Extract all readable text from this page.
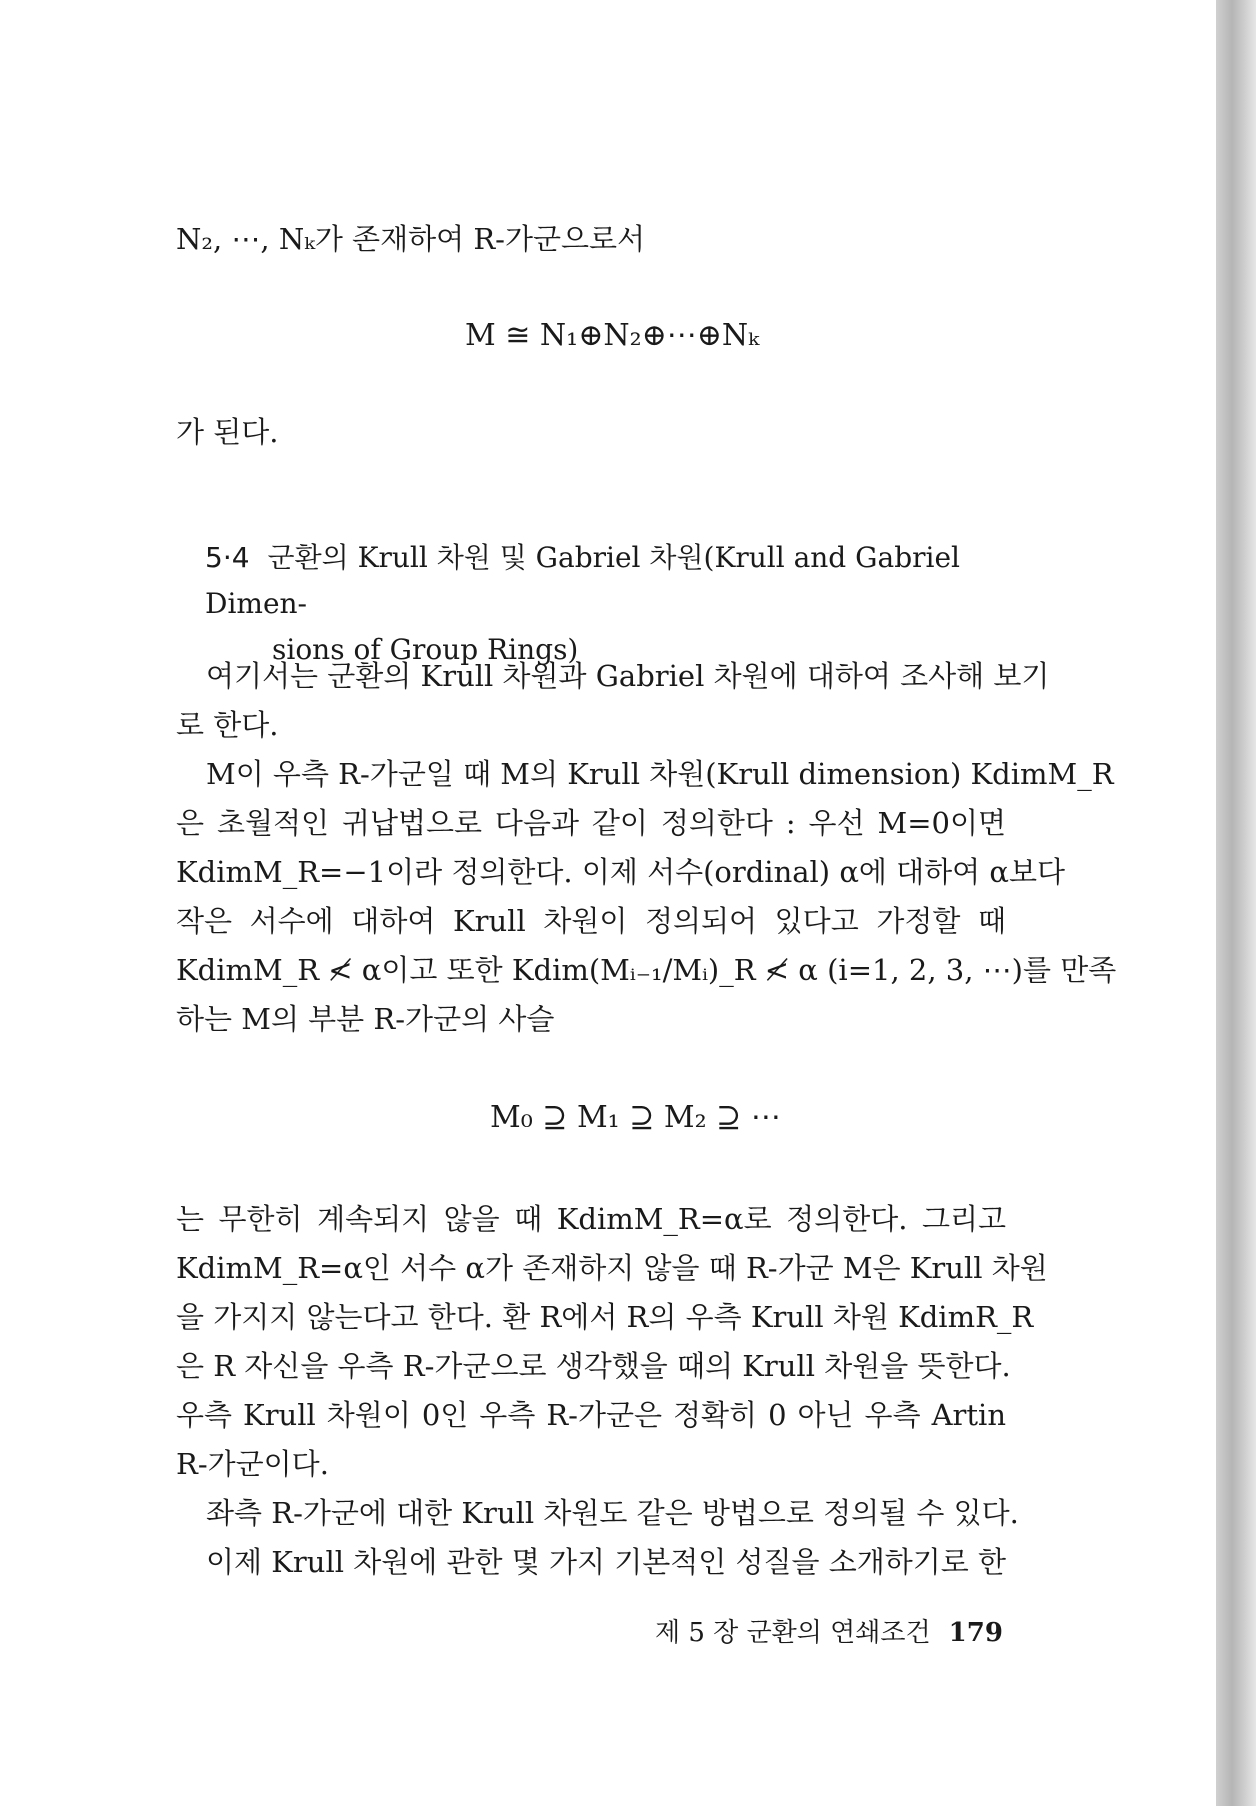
N₂, ⋯, Nₖ가 존재하여 R-가군으로서
M ≅ N₁⊕N₂⊕⋯⊕Nₖ
가 된다.
5·4 군환의 Krull 차원 및 Gabriel 차원(Krull and Gabriel Dimen-
sions of Group Rings)
여기서는 군환의 Krull 차원과 Gabriel 차원에 대하여 조사해 보기
로 한다.
M이 우측 R-가군일 때 M의 Krull 차원(Krull dimension) KdimM_R
은 초월적인 귀납법으로 다음과 같이 정의한다 : 우선 M=0이면
KdimM_R=−1이라 정의한다. 이제 서수(ordinal) α에 대하여 α보다
작은 서수에 대하여 Krull 차원이 정의되어 있다고 가정할 때
KdimM_R ≮ α이고 또한 Kdim(Mᵢ₋₁/Mᵢ)_R ≮ α (i=1, 2, 3, ⋯)를 만족
하는 M의 부분 R-가군의 사슬
M₀ ⊇ M₁ ⊇ M₂ ⊇ ⋯
는 무한히 계속되지 않을 때 KdimM_R=α로 정의한다. 그리고
KdimM_R=α인 서수 α가 존재하지 않을 때 R-가군 M은 Krull 차원
을 가지지 않는다고 한다. 환 R에서 R의 우측 Krull 차원 KdimR_R
은 R 자신을 우측 R-가군으로 생각했을 때의 Krull 차원을 뜻한다.
우측 Krull 차원이 0인 우측 R-가군은 정확히 0 아닌 우측 Artin
R-가군이다.
좌측 R-가군에 대한 Krull 차원도 같은 방법으로 정의될 수 있다.
이제 Krull 차원에 관한 몇 가지 기본적인 성질을 소개하기로 한
제 5 장 군환의 연쇄조건 179
